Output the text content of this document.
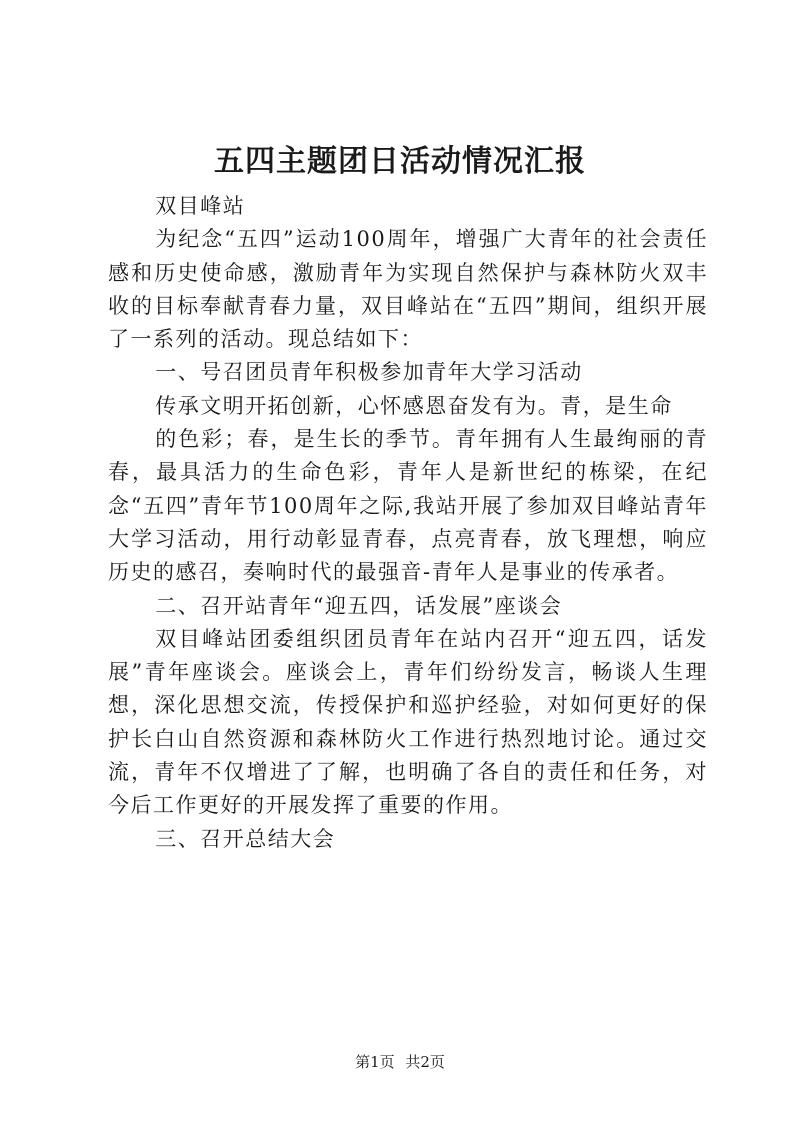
五四主题团日活动情况汇报

双目峰站

为纪念“五四”运动100周年，增强广大青年的社会责任感和历史使命感，激励青年为实现自然保护与森林防火双丰收的目标奉献青春力量，双目峰站在“五四”期间，组织开展了一系列的活动。现总结如下：

一、号召团员青年积极参加青年大学习活动

传承文明开拓创新，心怀感恩奋发有为。青，是生命

的色彩；春，是生长的季节。青年拥有人生最绚丽的青春，最具活力的生命色彩，青年人是新世纪的栋梁，在纪念“五四”青年节100周年之际,我站开展了参加双目峰站青年大学习活动，用行动彰显青春，点亮青春，放飞理想，响应历史的感召，奏响时代的最强音-青年人是事业的传承者。

二、召开站青年“迎五四，话发展”座谈会

双目峰站团委组织团员青年在站内召开“迎五四，话发展”青年座谈会。座谈会上，青年们纷纷发言，畅谈人生理想，深化思想交流，传授保护和巡护经验，对如何更好的保护长白山自然资源和森林防火工作进行热烈地讨论。通过交流，青年不仅增进了了解，也明确了各自的责任和任务，对今后工作更好的开展发挥了重要的作用。

三、召开总结大会

第1页 共2页
